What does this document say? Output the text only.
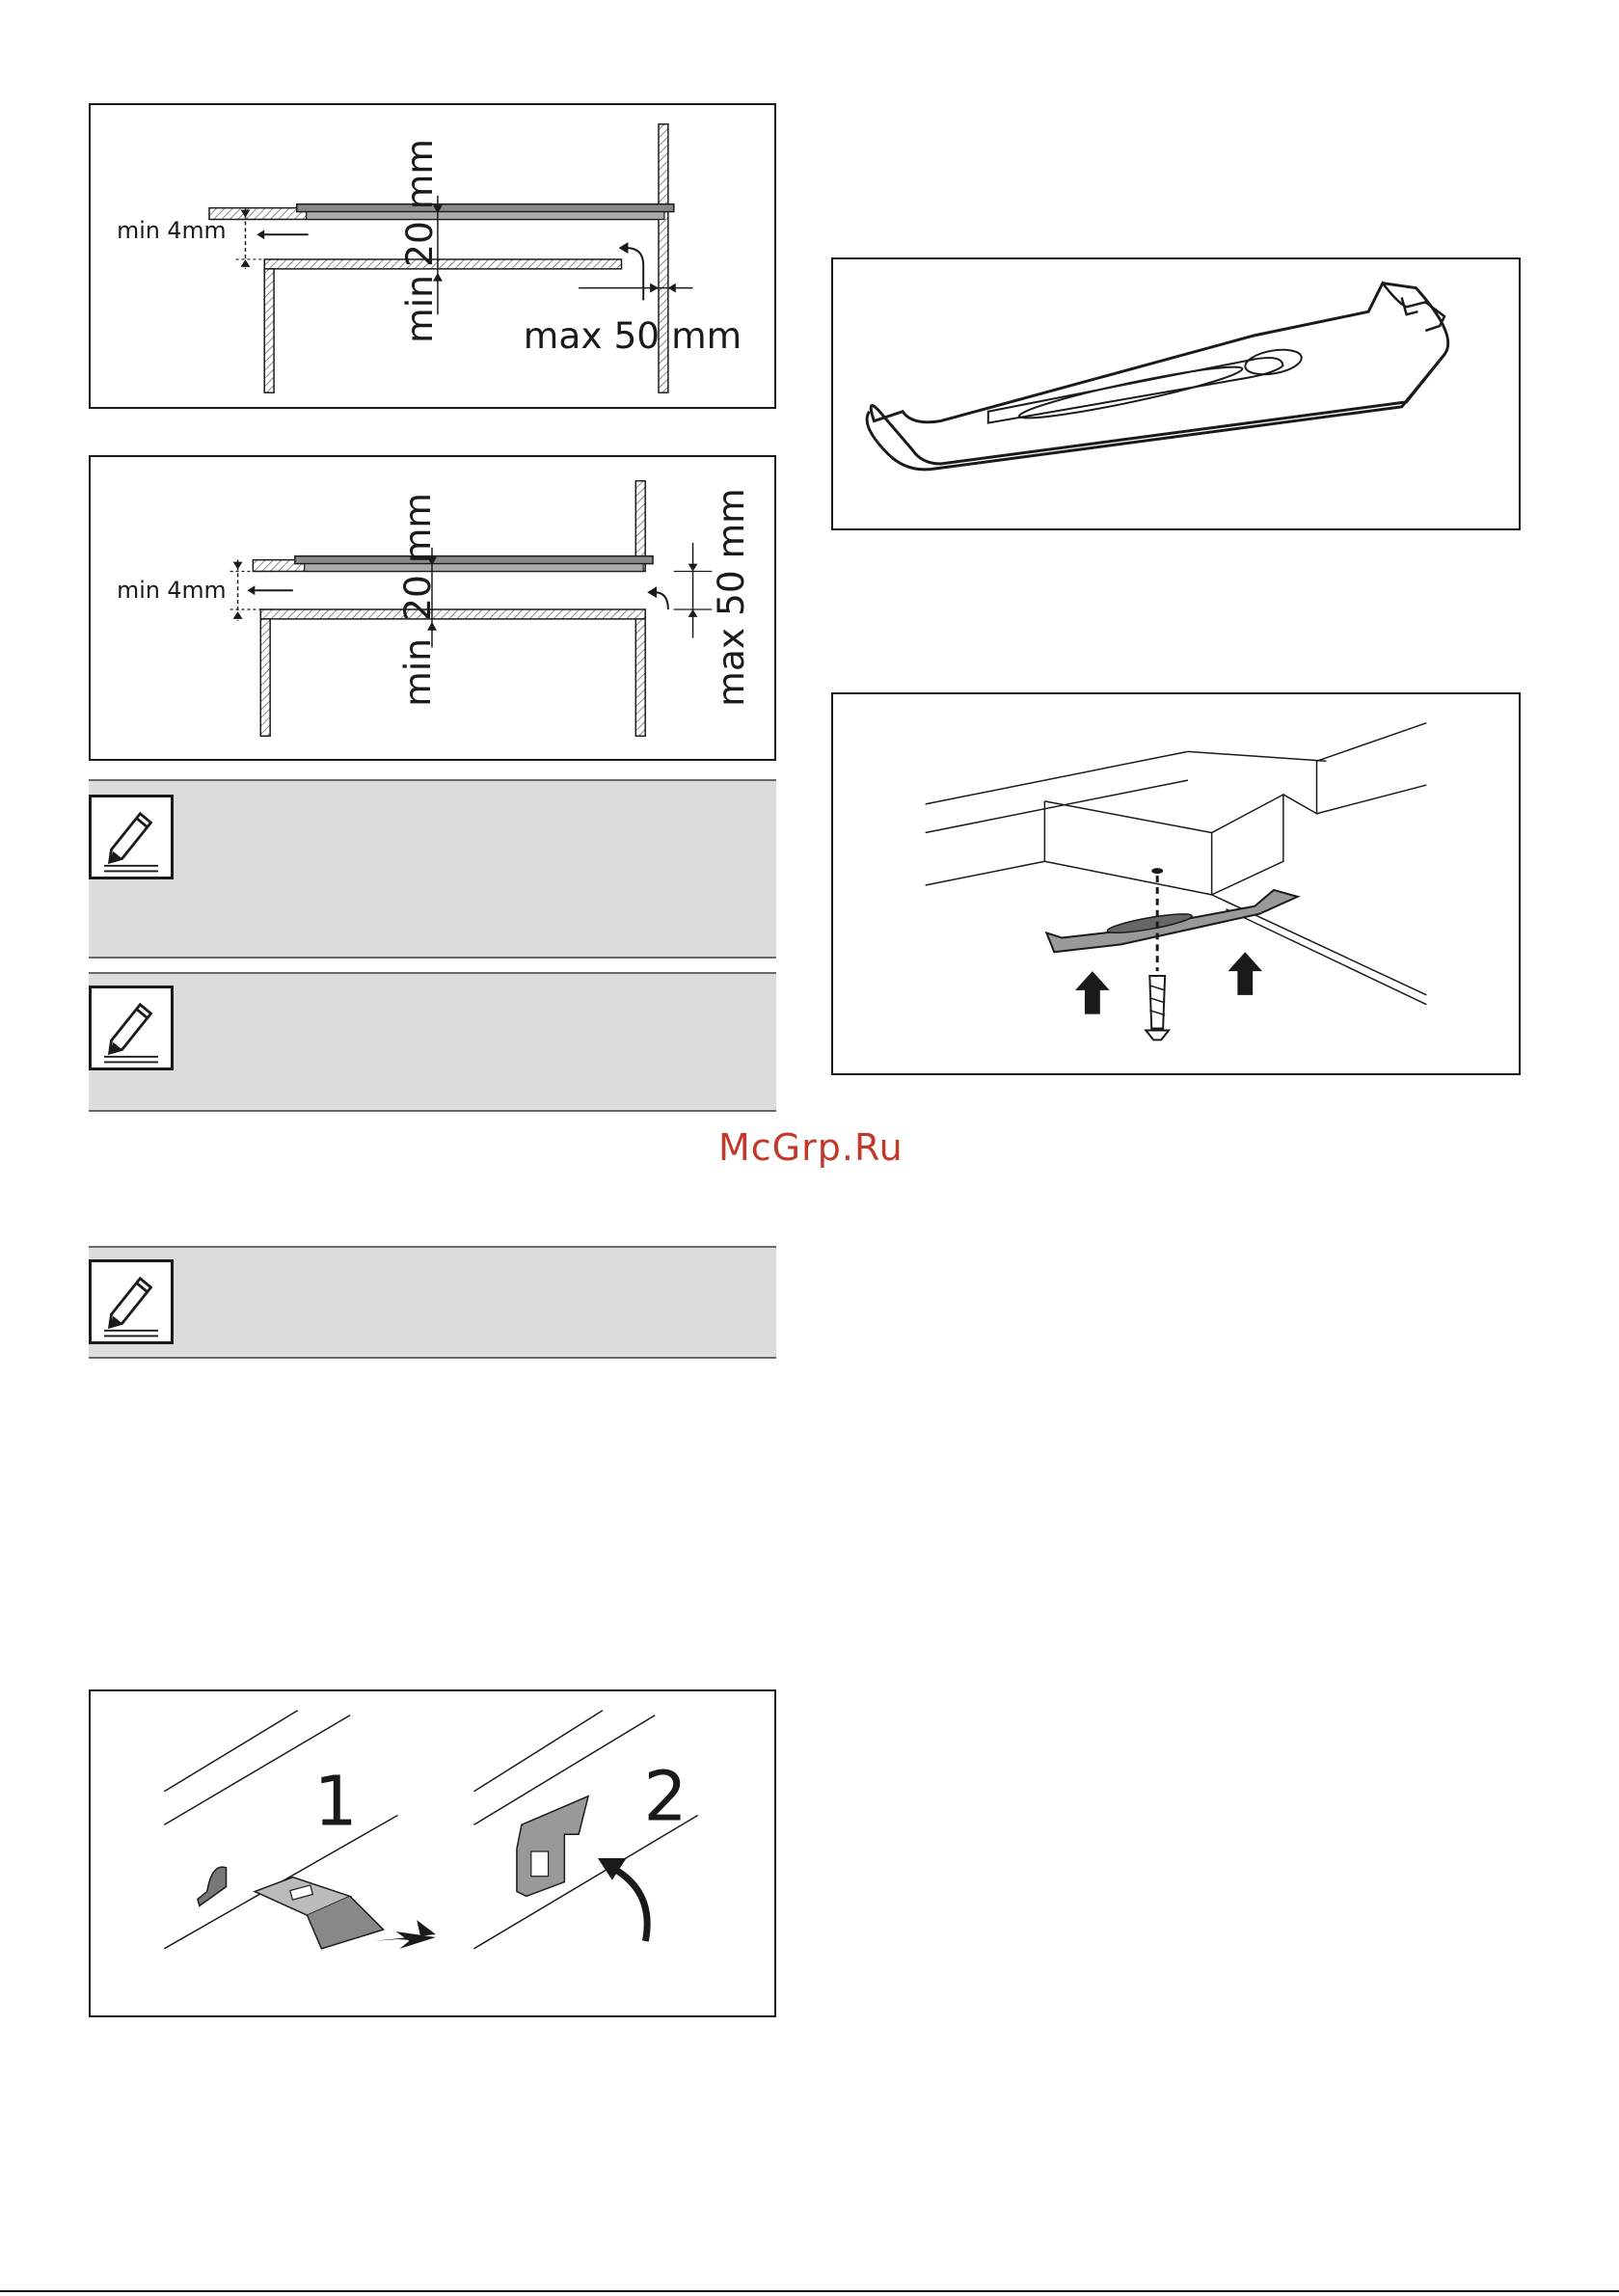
min 4mm	20 mm
min max 50 mm
min 4mm	20 mm
min	max 50 mm
McGrp.Ru
1	2
